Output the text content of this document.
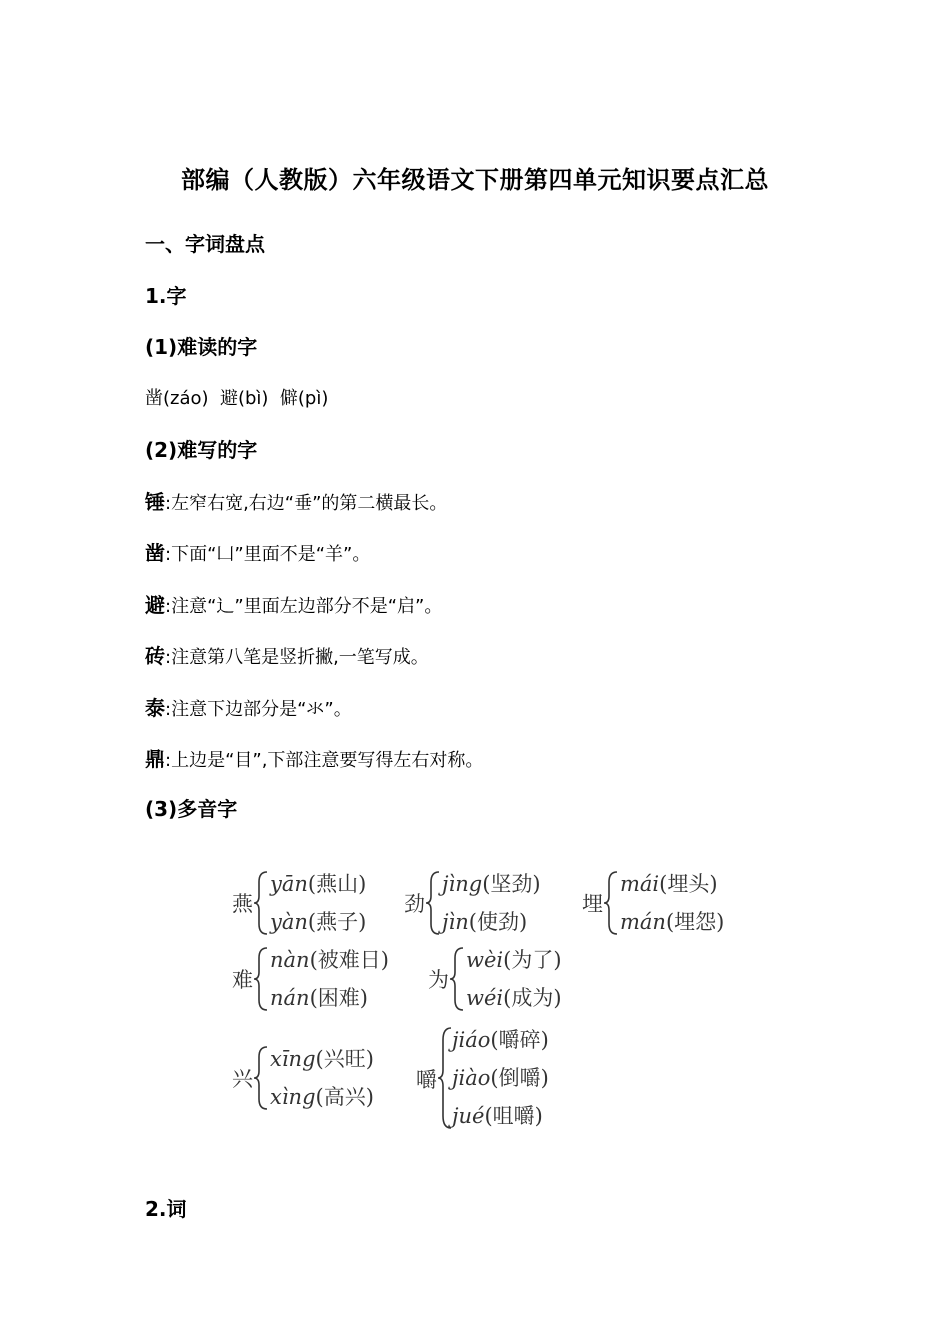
部编（人教版）六年级语文下册第四单元知识要点汇总
一、字词盘点
1.字
(1)难读的字
凿(záo)  避(bì)  僻(pì)
(2)难写的字
锤:左窄右宽,右边“垂”的第二横最长。
凿:下面“凵”里面不是“羊”。
避:注意“辶”里面左边部分不是“启”。
砖:注意第八笔是竖折撇,一笔写成。
泰:注意下边部分是“氺”。
鼎:上边是“目”,下部注意要写得左右对称。
(3)多音字
燕
yān(燕山)
yàn(燕子)
劲
jìng(坚劲)
jìn(使劲)
埋
mái(埋头)
mán(埋怨)
难
nàn(被难日)
nán(困难)
为
wèi(为了)
wéi(成为)
兴
xīng(兴旺)
xìng(高兴)
嚼
jiáo(嚼碎)
jiào(倒嚼)
jué(咀嚼)
2.词
